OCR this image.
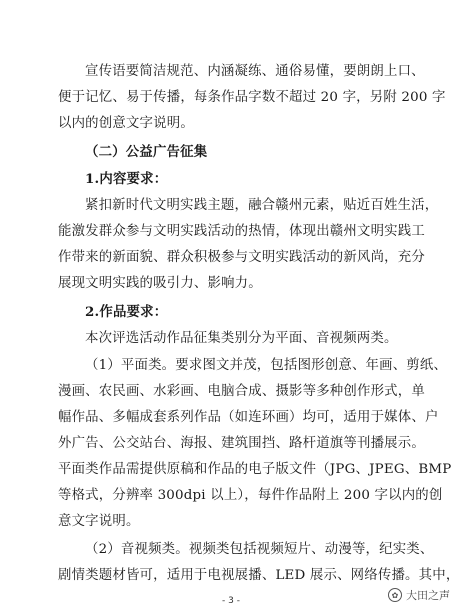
宣传语要简洁规范、内涵凝练、通俗易懂，要朗朗上口、
便于记忆、易于传播，每条作品字数不超过 20 字，另附 200 字
以内的创意文字说明。
（二）公益广告征集
1.内容要求：
紧扣新时代文明实践主题，融合赣州元素，贴近百姓生活，
能激发群众参与文明实践活动的热情，体现出赣州文明实践工
作带来的新面貌、群众积极参与文明实践活动的新风尚，充分
展现文明实践的吸引力、影响力。
2.作品要求：
本次评选活动作品征集类别分为平面、音视频两类。
（1）平面类。要求图文并茂，包括图形创意、年画、剪纸、
漫画、农民画、水彩画、电脑合成、摄影等多种创作形式，单
幅作品、多幅成套系列作品（如连环画）均可，适用于媒体、户
外广告、公交站台、海报、建筑围挡、路杆道旗等刊播展示。
平面类作品需提供原稿和作品的电子版文件（JPG、JPEG、BMP
等格式，分辨率 300dpi 以上），每件作品附上 200 字以内的创
意文字说明。
（2）音视频类。视频类包括视频短片、动漫等，纪实类、
剧情类题材皆可，适用于电视展播、LED 展示、网络传播。其中，
- 3 -
✿ 大田之声
